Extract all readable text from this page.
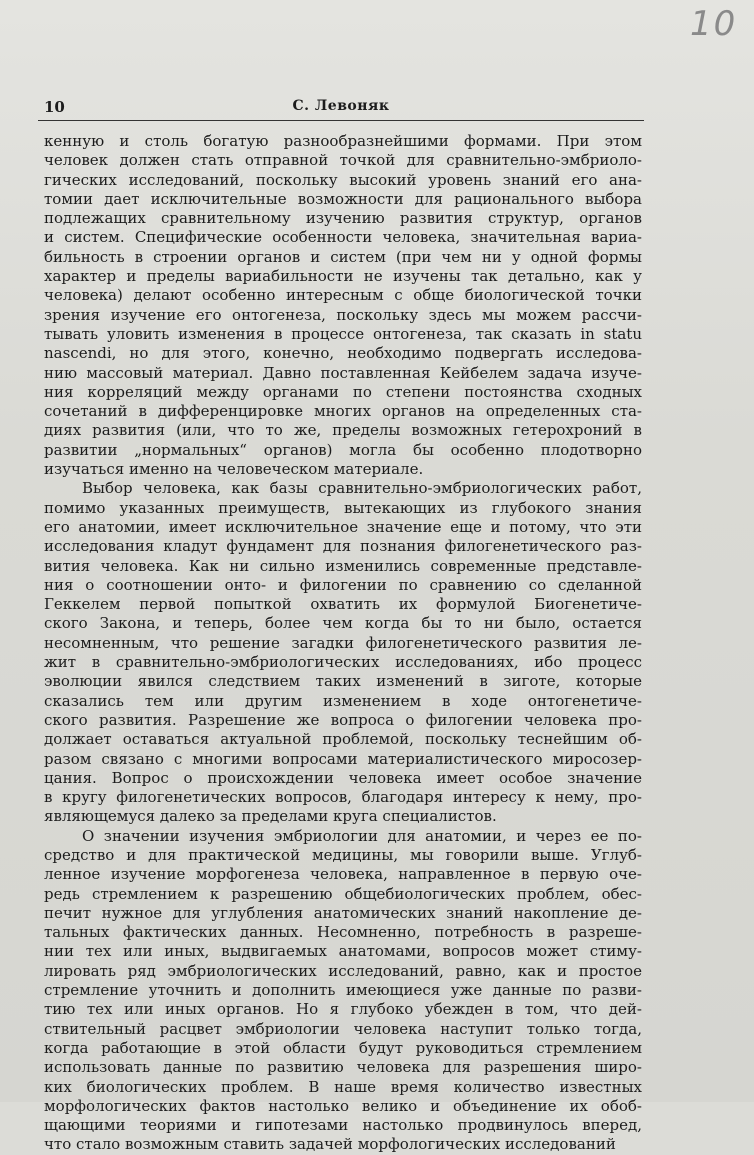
10
10	С. Левоняк
кенную и столь богатую разнообразнейшими формами. При этом
человек должен стать отправной точкой для сравнительно-эмбриоло-
гических исследований, поскольку высокий уровень знаний его ана-
томии дает исключительные возможности для рационального выбора
подлежащих сравнительному изучению развития структур, органов
и систем. Специфические особенности человека, значительная вариа-
бильность в строении органов и систем (при чем ни у одной формы
характер и пределы вариабильности не изучены так детально, как у
человека) делают особенно интересным с обще биологической точки
зрения изучение его онтогенеза, поскольку здесь мы можем рассчи-
тывать уловить изменения в процессе онтогенеза, так сказать in statu
nascendi, но для этого, конечно, необходимо подвергать исследова-
нию массовый материал. Давно поставленная Кейбелем задача изуче-
ния корреляций между органами по степени постоянства сходных
сочетаний в дифференцировке многих органов на определенных ста-
диях развития (или, что то же, пределы возможных гетерохроний в
развитии „нормальных“ органов) могла бы особенно плодотворно
изучаться именно на человеческом материале.
Выбор человека, как базы сравнительно-эмбриологических работ,
помимо указанных преимуществ, вытекающих из глубокого знания
его анатомии, имеет исключительное значение еще и потому, что эти
исследования кладут фундамент для познания филогенетического раз-
вития человека. Как ни сильно изменились современные представле-
ния о соотношении онто- и филогении по сравнению со сделанной
Геккелем первой попыткой охватить их формулой Биогенетиче-
ского Закона, и теперь, более чем когда бы то ни было, остается
несомненным, что решение загадки филогенетического развития ле-
жит в сравнительно-эмбриологических исследованиях, ибо процесс
эволюции явился следствием таких изменений в зиготе, которые
сказались тем или другим изменением в ходе онтогенетиче-
ского развития. Разрешение же вопроса о филогении человека про-
должает оставаться актуальной проблемой, поскольку теснейшим об-
разом связано с многими вопросами материалистического миросозер-
цания. Вопрос о происхождении человека имеет особое значение
в кругу филогенетических вопросов, благодаря интересу к нему, про-
являющемуся далеко за пределами круга специалистов.
О значении изучения эмбриологии для анатомии, и через ее по-
средство и для практической медицины, мы говорили выше. Углуб-
ленное изучение морфогенеза человека, направленное в первую оче-
редь стремлением к разрешению общебиологических проблем, обес-
печит нужное для углубления анатомических знаний накопление де-
тальных фактических данных. Несомненно, потребность в разреше-
нии тех или иных, выдвигаемых анатомами, вопросов может стиму-
лировать ряд эмбриологических исследований, равно, как и простое
стремление уточнить и дополнить имеющиеся уже данные по разви-
тию тех или иных органов. Но я глубоко убежден в том, что дей-
ствительный расцвет эмбриологии человека наступит только тогда,
когда работающие в этой области будут руководиться стремлением
использовать данные по развитию человека для разрешения широ-
ких биологических проблем. В наше время количество известных
морфологических фактов настолько велико и объединение их обоб-
щающими теориями и гипотезами настолько продвинулось вперед,
что стало возможным ставить задачей морфологических исследований
